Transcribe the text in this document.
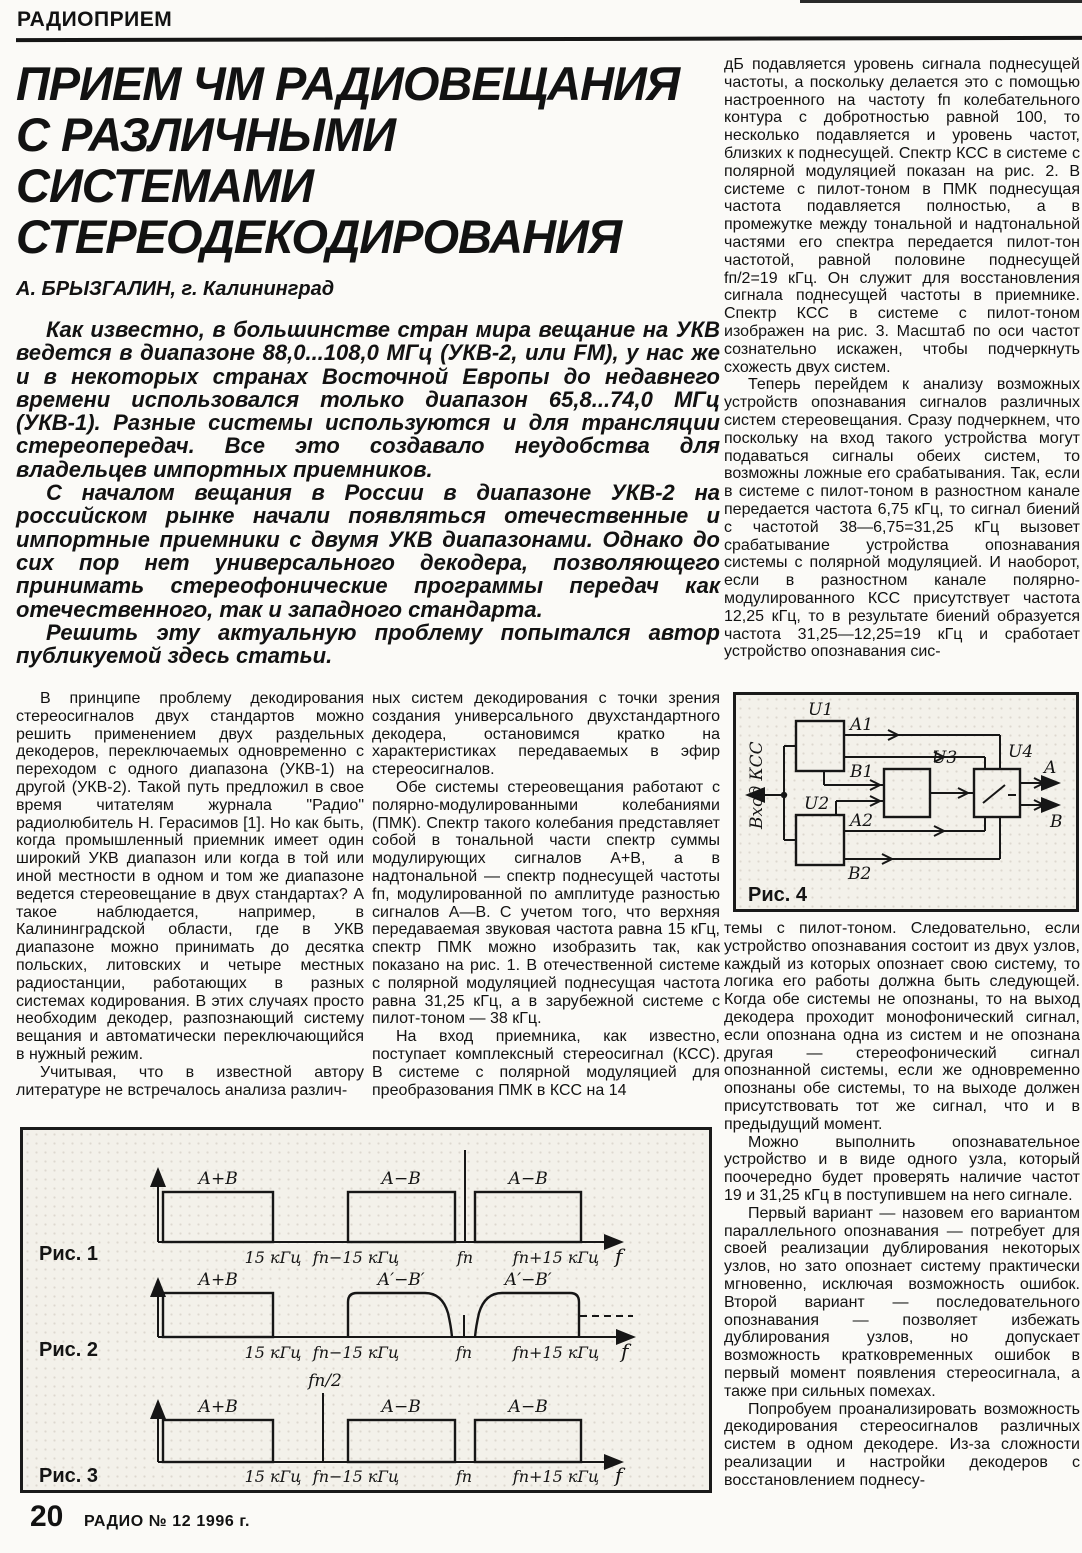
РАДИОПРИЕМ
ПРИЕМ ЧМ РАДИОВЕЩАНИЯ
С РАЗЛИЧНЫМИ
СИСТЕМАМИ
СТЕРЕОДЕКОДИРОВАНИЯ
А. БРЫЗГАЛИН, г. Калининград

Как известно, в большинстве стран мира вещание на УКВ ведется в диапазоне 88,0...108,0 МГц (УКВ-2, или FM), у нас же и в некоторых странах Восточной Европы до недавнего времени использовался только диапазон 65,8...74,0 МГц (УКВ-1). Разные системы используются и для трансляции стереопередач. Все это создавало неудобства для владельцев импортных приемников.

С началом вещания в России в диапазоне УКВ-2 на российском рынке начали появляться отечественные и импортные приемники с двумя УКВ диапазонами. Однако до сих пор нет универсального декодера, позволяющего принимать стереофонические программы передач как отечественного, так и западного стандарта.

Решить эту актуальную проблему попытался автор публикуемой здесь статьи.

В принципе проблему декодирования стереосигналов двух стандартов можно решить применением двух раздельных декодеров, переключаемых одновременно с переходом с одного диапазона (УКВ-1) на другой (УКВ-2). Такой путь предложил в свое время читателям журнала "Радио" радиолюбитель Н. Герасимов [1]. Но как быть, когда промышленный приемник имеет один широкий УКВ диапазон или когда в той или иной местности в одном и том же диапазоне ведется стереовещание в двух стандартах? А такое наблюдается, например, в Калининградской области, где в УКВ диапазоне можно принимать до десятка польских, литовских и четыре местных радиостанции, работающих в разных системах кодирования. В этих случаях просто необходим декодер, разпознающий систему вещания и автоматически переключающийся в нужный режим.

Учитывая, что в известной автору литературе не встречалось анализа различ-

ных систем декодирования с точки зрения создания универсального двухстандартного декодера, остановимся кратко на характеристиках передаваемых в эфир стереосигналов.

Обе системы стереовещания работают с полярно-модулированными колебаниями (ПМК). Спектр такого колебания представляет собой в тональной части спектр суммы модулирующих сигналов А+В, а в надтональной — спектр поднесущей частоты fп, модулированной по амплитуде разностью сигналов А—В. С учетом того, что верхняя передаваемая звуковая частота равна 15 кГц, спектр ПМК можно изобразить так, как показано на рис. 1. В отечественной системе с полярной модуляцией поднесущая частота равна 31,25 кГц, а в зарубежной системе с пилот-тоном — 38 кГц.

На вход приемника, как известно, поступает комплексный стереосигнал (КСС). В системе с полярной модуляцией для преобразования ПМК в КСС на 14

дБ подавляется уровень сигнала поднесущей частоты, а поскольку делается это с помощью настроенного на частоту fп колебательного контура с добротностью равной 100, то несколько подавляется и уровень частот, близких к поднесущей. Спектр КСС в системе с полярной модуляцией показан на рис. 2. В системе с пилот-тоном в ПМК поднесущая частота подавляется полностью, а в промежутке между тональной и надтональной частями его спектра передается пилот-тон частотой, равной половине поднесущей fп/2=19 кГц. Он служит для восстановления сигнала поднесущей частоты в приемнике. Спектр КСС в системе с пилот-тоном изображен на рис. 3. Масштаб по оси частот сознательно искажен, чтобы подчеркнуть схожесть двух систем.

Теперь перейдем к анализу возможных устройств опознавания сигналов различных систем стереовещания. Сразу подчеркнем, что поскольку на вход такого устройства могут подаваться сигналы обеих систем, то возможны ложные его срабатывания. Так, если в системе с пилот-тоном в разностном канале передается частота 6,75 кГц, то сигнал биений с частотой 38—6,75=31,25 кГц вызовет срабатывание устройства опознавания системы с полярной модуляцией. И наоборот, если в разностном канале полярно-модулированного КСС присутствует частота 12,25 кГц, то в результате биений образуется частота 31,25—12,25=19 кГц и сработает устройство опознавания сис-

Вход КСС
U1
U2
U3	U4
A1
B1
A2
B2
A
B
Рис. 4

темы с пилот-тоном. Следовательно, если устройство опознавания состоит из двух узлов, каждый из которых опознает свою систему, то логика его работы должна быть следующей. Когда обе системы не опознаны, то на выход декодера проходит монофонический сигнал, если опознана одна из систем и не опознана другая — стереофонический сигнал опознанной системы, если же одновременно опознаны обе системы, то на выходе должен присутствовать тот же сигнал, что и в предыдущий момент.

Можно выполнить опознавательное устройство и в виде одного узла, который поочередно будет проверять наличие частот 19 и 31,25 кГц в поступившем на него сигнале.

Первый вариант — назовем его вариантом параллельного опознавания — потребует для своей реализации дублирования некоторых узлов, но зато опознает систему практически мгновенно, исключая возможность ошибок. Второй вариант — последовательного опознавания — позволяет избежать дублирования узлов, но допускает возможность кратковременных ошибок в первый момент появления стереосигнала, а также при сильных помехах.

Попробуем проанализировать возможность декодирования стереосигналов различных систем в одном декодере. Из-за сложности реализации и настройки декодеров с восстановлением поднесу-

А+В	А−В	А−В
15 кГц fп−15 кГц	fп fп+15 кГц f
Рис. 1
А+В	А′−В′	А′−В′
15 кГц fп−15 кГц	fп	fп+15 кГц f
Рис. 2
fп/2
А+В	А−В	А−В
15 кГц fп−15 кГц	fп	fп+15 кГц f
Рис. 3
20 РАДИО № 12 1996 г.
